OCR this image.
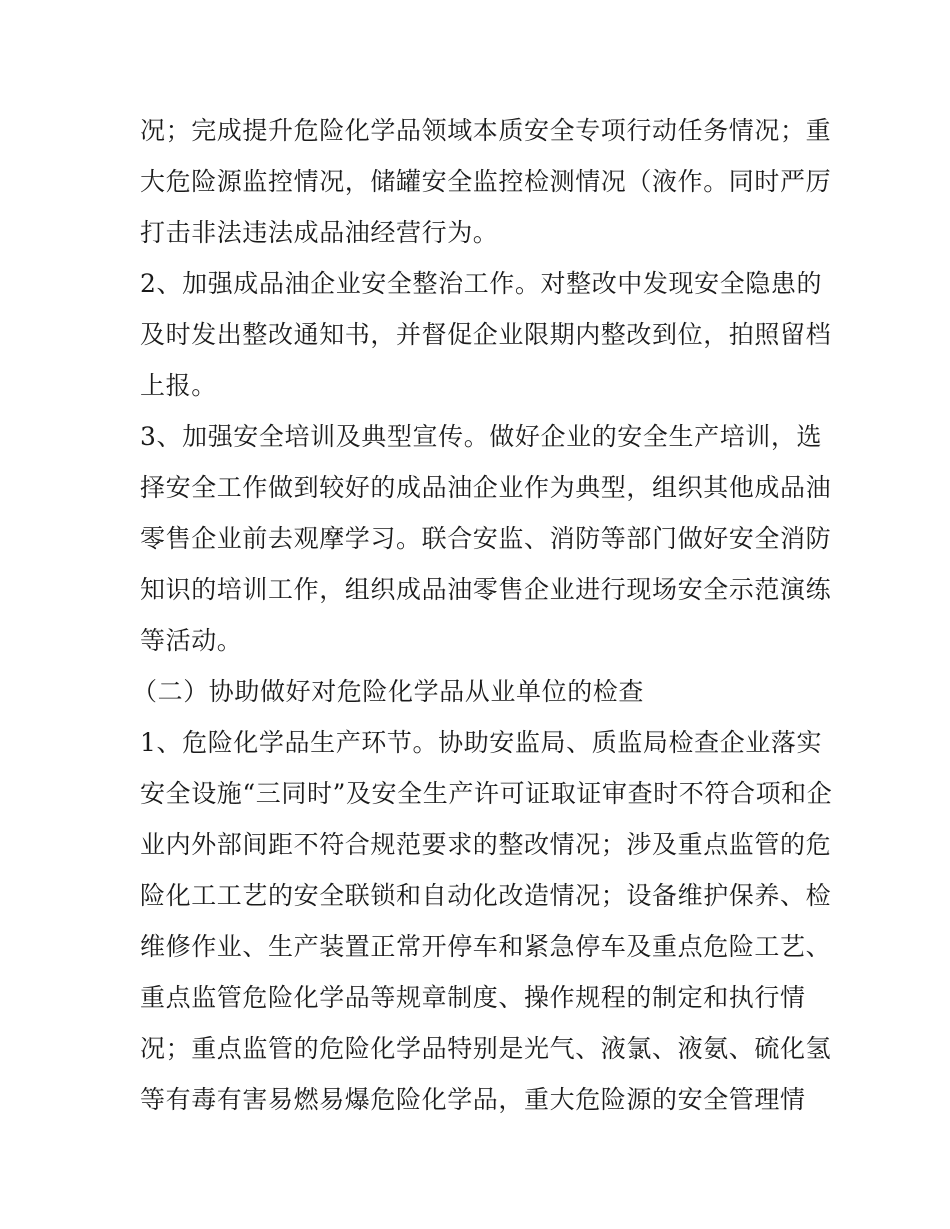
况；完成提升危险化学品领域本质安全专项行动任务情况；重
大危险源监控情况，储罐安全监控检测情况（液作。同时严厉
打击非法违法成品油经营行为。
2、加强成品油企业安全整治工作。对整改中发现安全隐患的
及时发出整改通知书，并督促企业限期内整改到位，拍照留档
上报。
3、加强安全培训及典型宣传。做好企业的安全生产培训，选
择安全工作做到较好的成品油企业作为典型，组织其他成品油
零售企业前去观摩学习。联合安监、消防等部门做好安全消防
知识的培训工作，组织成品油零售企业进行现场安全示范演练
等活动。
（二）协助做好对危险化学品从业单位的检查
1、危险化学品生产环节。协助安监局、质监局检查企业落实
安全设施“三同时”及安全生产许可证取证审查时不符合项和企
业内外部间距不符合规范要求的整改情况；涉及重点监管的危
险化工工艺的安全联锁和自动化改造情况；设备维护保养、检
维修作业、生产装置正常开停车和紧急停车及重点危险工艺、
重点监管危险化学品等规章制度、操作规程的制定和执行情
况；重点监管的危险化学品特别是光气、液氯、液氨、硫化氢
等有毒有害易燃易爆危险化学品，重大危险源的安全管理情
